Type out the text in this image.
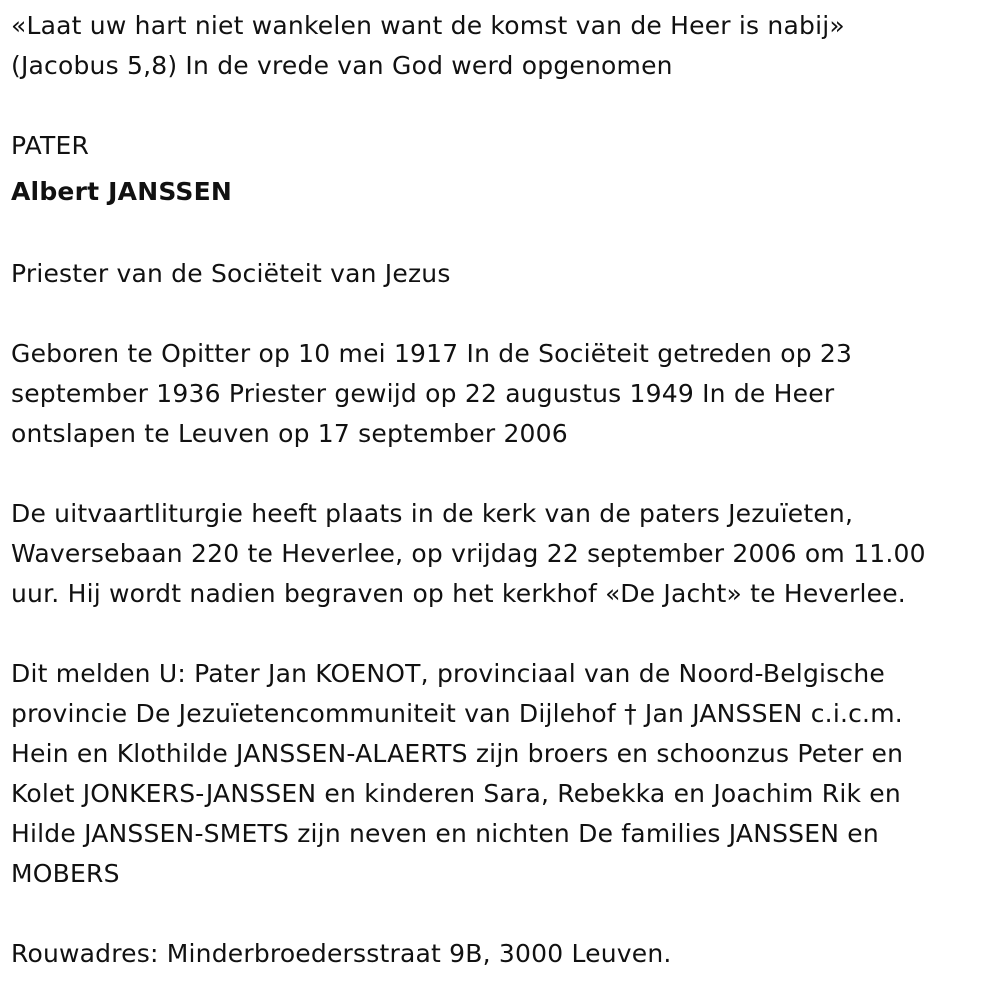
«Laat uw hart niet wankelen want de komst van de Heer is nabij»

(Jacobus 5,8) In de vrede van God werd opgenomen

PATER

Albert JANSSEN

Priester van de Sociëteit van Jezus

Geboren te Opitter op 10 mei 1917 In de Sociëteit getreden op 23
september 1936 Priester gewijd op 22 augustus 1949 In de Heer
ontslapen te Leuven op 17 september 2006

De uitvaartliturgie heeft plaats in de kerk van de paters Jezuïeten,
Waversebaan 220 te Heverlee, op vrijdag 22 september 2006 om 11.00
uur. Hij wordt nadien begraven op het kerkhof «De Jacht» te Heverlee.

Dit melden U: Pater Jan KOENOT, provinciaal van de Noord-Belgische
provincie De Jezuïetencommuniteit van Dijlehof † Jan JANSSEN c.i.c.m.
Hein en Klothilde JANSSEN-ALAERTS zijn broers en schoonzus Peter en
Kolet JONKERS-JANSSEN en kinderen Sara, Rebekka en Joachim Rik en
Hilde JANSSEN-SMETS zijn neven en nichten De families JANSSEN en
MOBERS

Rouwadres: Minderbroedersstraat 9B, 3000 Leuven.
